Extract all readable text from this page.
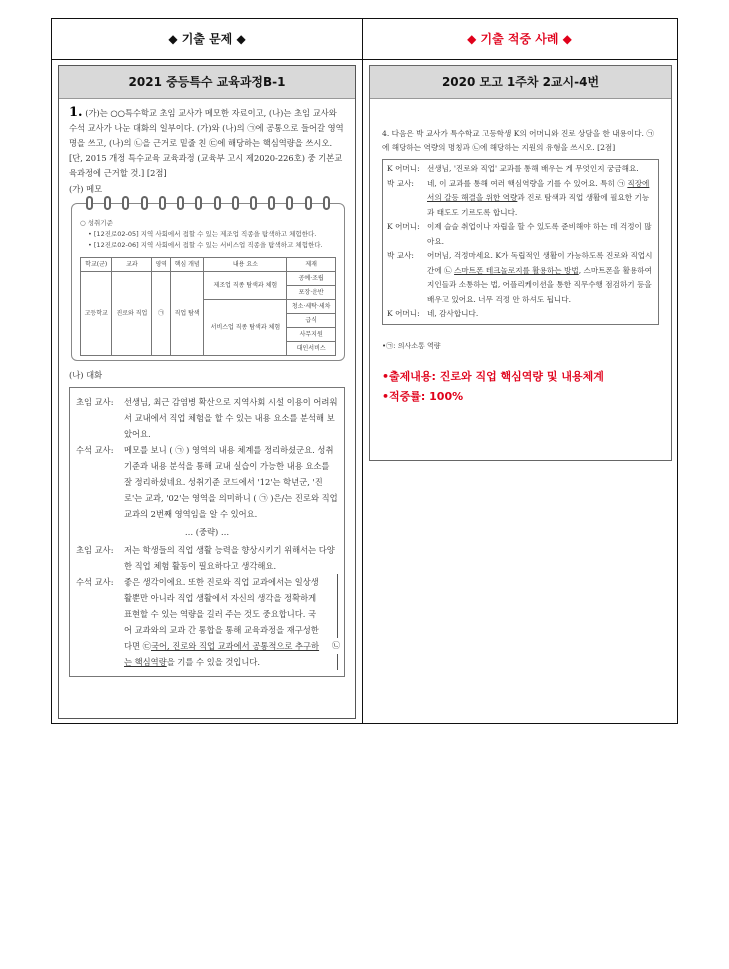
◆ 기출 문제 ◆	◆ 기출 적중 사례 ◆
2021 중등특수 교육과정B-1
1. (가)는 ○○특수학교 초임 교사가 메모한 자료이고, (나)는 초임 교사와 수석 교사가 나눈 대화의 일부이다. (가)와 (나)의 ㉠에 공통으로 들어갈 영역명을 쓰고, (나)의 ㉡을 근거로 밑줄 친 ㉢에 해당하는 핵심역량을 쓰시오. [단, 2015 개정 특수교육 교육과정 (교육부 고시 제2020-226호) 중 기본교육과정에 근거할 것.] [2점]
(가) 메모
○ 성취기준
• [12진로02-05] 지역 사회에서 접할 수 있는 제조업 직종을 탐색하고 체험한다.
• [12진로02-06] 지역 사회에서 접할 수 있는 서비스업 직종을 탐색하고 체험한다.
학교(군)	교과	영역	핵심 개념	내용 요소	제재
고등학교	진로와 직업	㉠	직업 탐색	제조업 직종 탐색과 체험	공예·조립
					포장·운반
				서비스업 직종 탐색과 체험	청소·세탁·세차
					급식
					사무지원
					대인서비스
(나) 대화
초임 교사:	선생님, 최근 감염병 확산으로 지역사회 시설 이용이 어려워서 교내에서 직업 체험을 할 수 있는 내용 요소를 분석해 보았어요.
수석 교사:	메모를 보니 ( ㉠ ) 영역의 내용 체계를 정리하셨군요. 성취기준과 내용 분석을 통해 교내 실습이 가능한 내용 요소를 잘 정리하셨네요. 성취기준 코드에서 '12'는 학년군, '진로'는 교과, '02'는 영역을 의미하니 ( ㉠ )은/는 진로와 직업 교과의 2번째 영역임을 알 수 있어요.
… (중략) …
초임 교사:	저는 학생들의 직업 생활 능력을 향상시키기 위해서는 다양한 직업 체험 활동이 필요하다고 생각해요.
수석 교사:	좋은 생각이에요. 또한 진로와 직업 교과에서는 일상생활뿐만 아니라 직업 생활에서 자신의 생각을 정확하게 표현할 수 있는 역량을 길러 주는 것도 중요합니다. 국어 교과와의 교과 간 통합을 통해 교육과정을 재구성한다면 ㉢국어, 진로와 직업 교과에서 공통적으로 추구하는 핵심역량을 기를 수 있을 것입니다.
㉡
2020 모고 1주차 2교시-4번
4. 다음은 박 교사가 특수학교 고등학생 K의 어머니와 진로 상담을 한 내용이다. ㉠에 해당하는 역량의 명칭과 ㉡에 해당하는 지원의 유형을 쓰시오. [2점]
K 어머니: 선생님, '진로와 직업' 교과를 통해 배우는 게 무엇인지 궁금해요.
박 교사:	네, 이 교과를 통해 여러 핵심역량을 기를 수 있어요. 특히 ㉠ 직장에서의 갈등 해결을 위한 역량과 진로 탐색과 직업 생활에 필요한 기능과 태도도 기르도록 합니다.
K 어머니: 이제 슬슬 취업이나 자립을 할 수 있도록 준비해야 하는 데 걱정이 많아요.
박 교사:	어머님, 걱정마세요. K가 독립적인 생활이 가능하도록 진로와 직업시간에 ㉡ 스마트폰 테크놀로지를 활용하는 방법, 스마트폰을 활용하여 지인들과 소통하는 법, 어플리케이션을 통한 직무수행 점검하기 등을 배우고 있어요. 너무 걱정 안 하셔도 됩니다.
K 어머니: 네, 감사합니다.
•㉠: 의사소통 역량
•출제내용: 진로와 직업 핵심역량 및 내용체계
•적중률: 100%
